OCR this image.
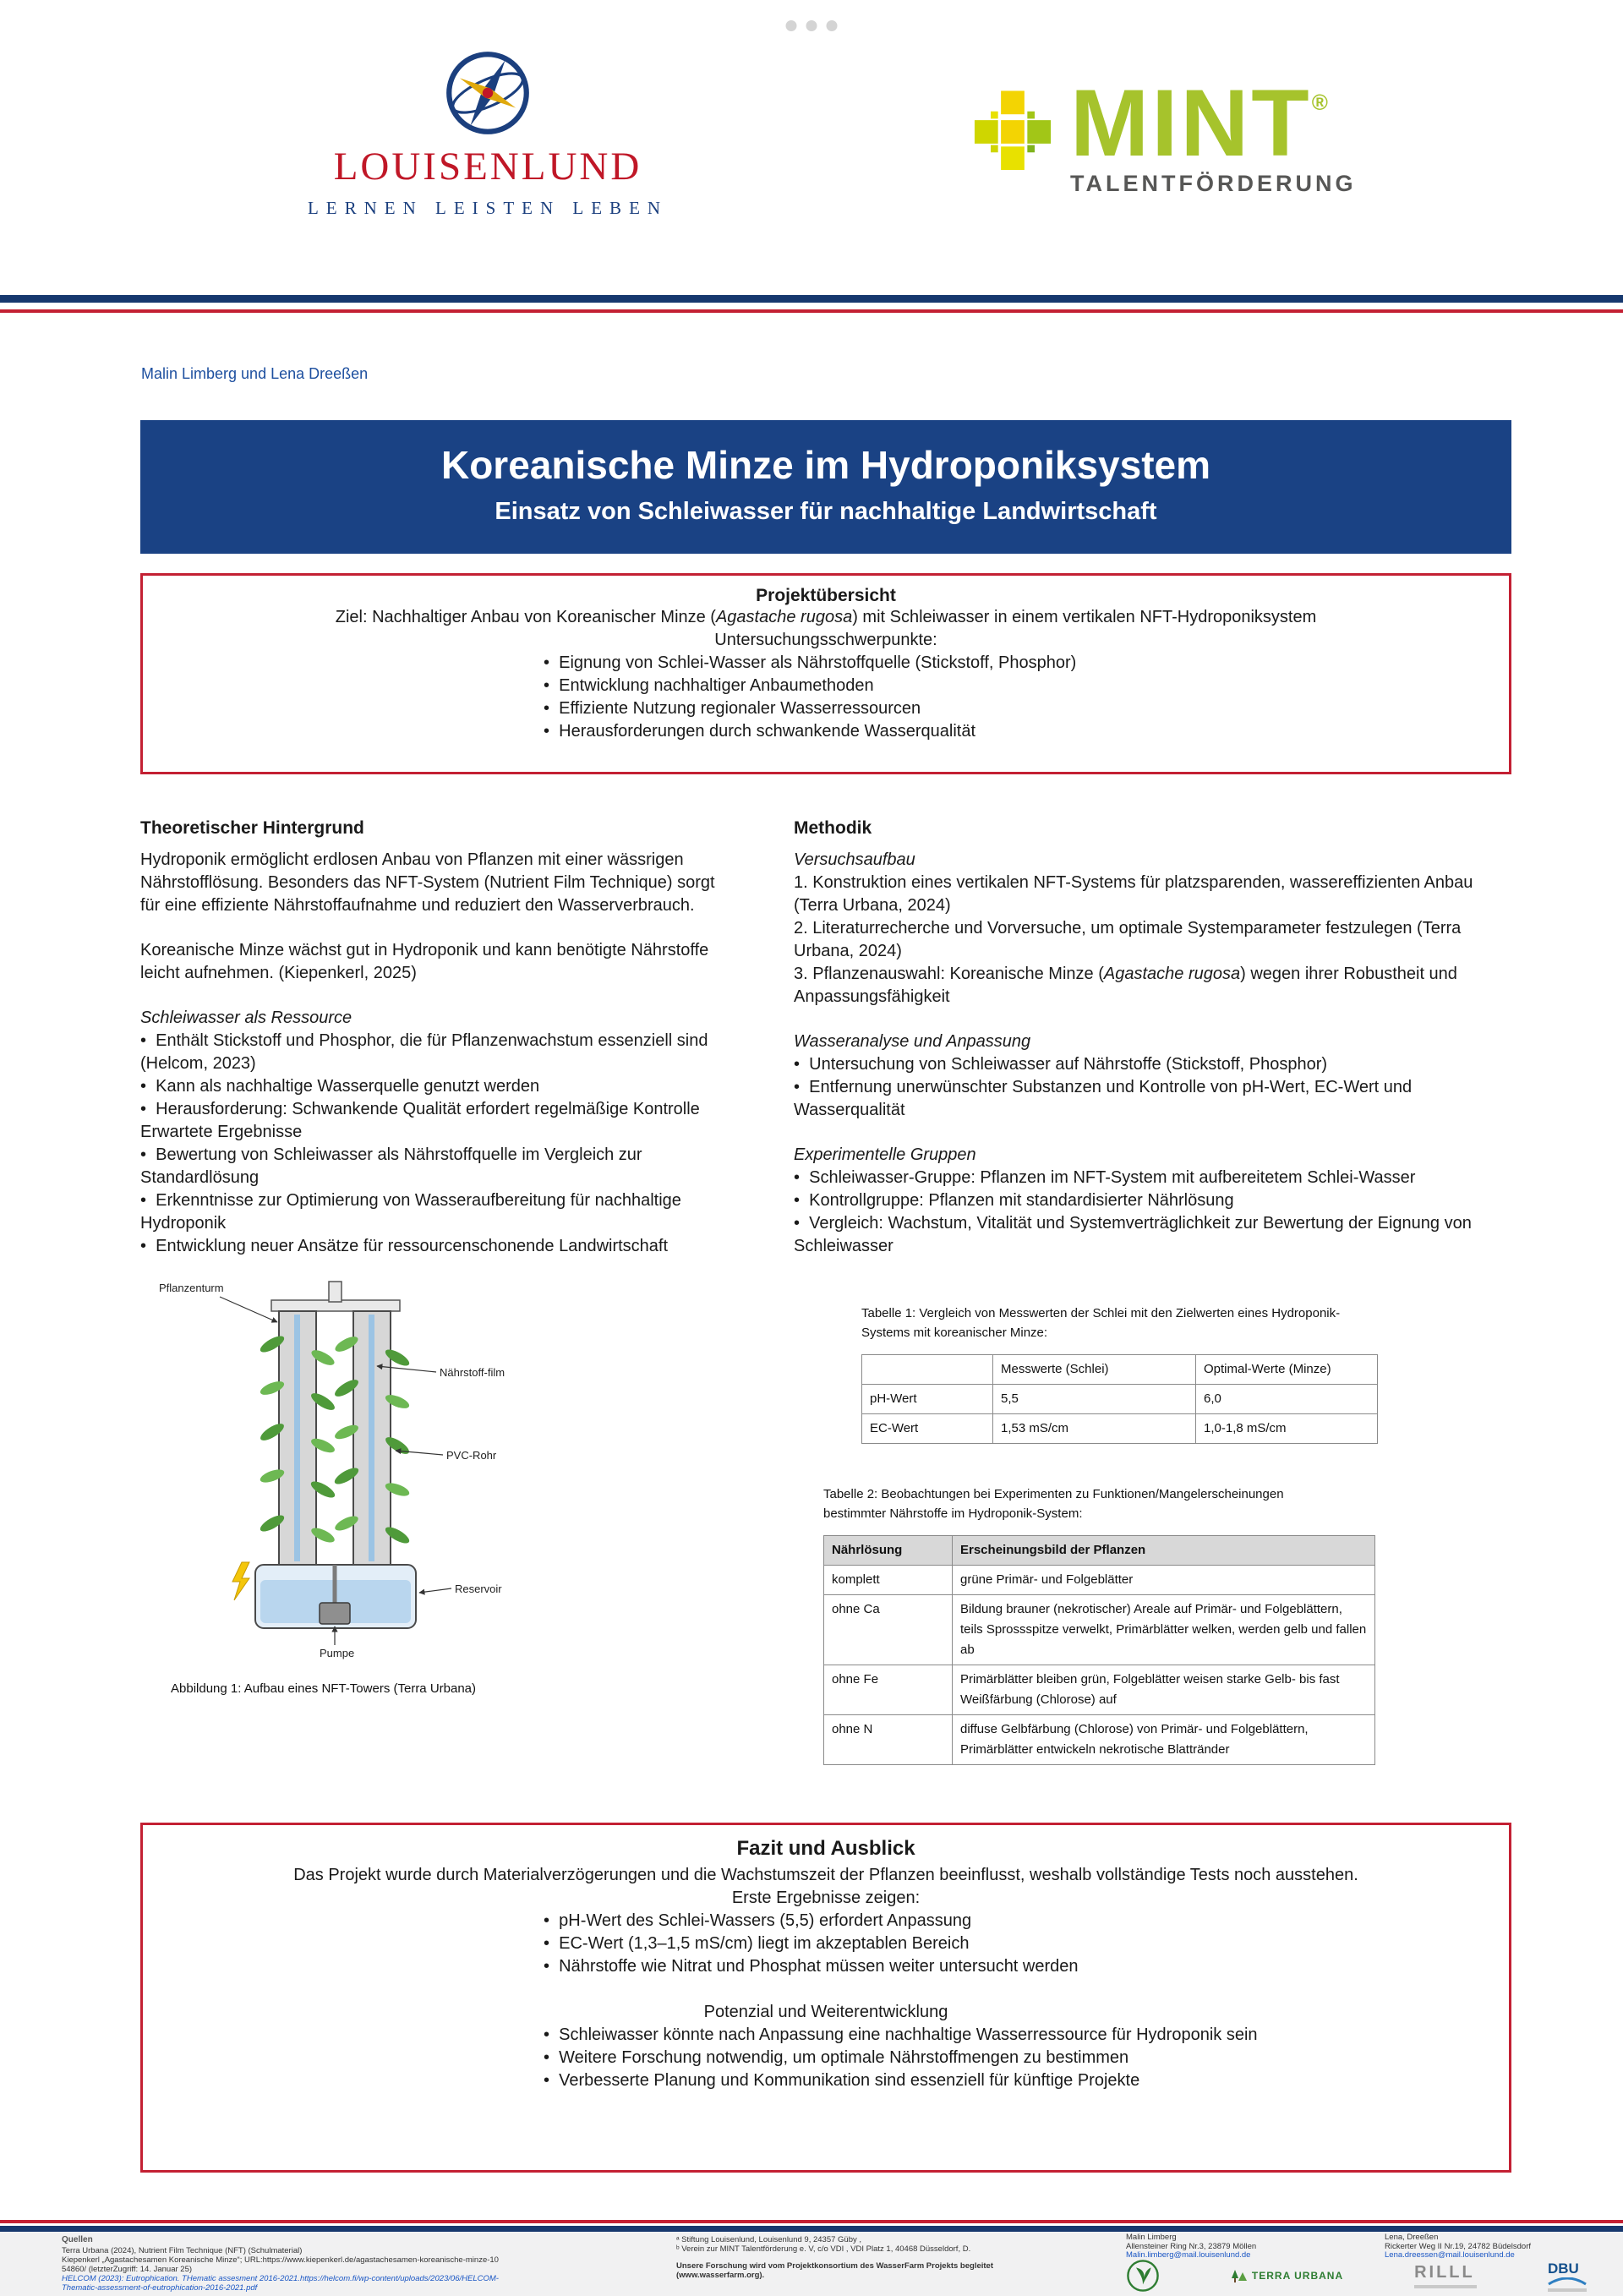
LOUISENLUND
LERNEN LEISTEN LEBEN
MINT®
TALENTFÖRDERUNG
Malin Limberg und Lena Dreeßen
Koreanische Minze im Hydroponiksystem
Einsatz von Schleiwasser für nachhaltige Landwirtschaft
Projektübersicht
Ziel: Nachhaltiger Anbau von Koreanischer Minze (Agastache rugosa) mit Schleiwasser in einem vertikalen NFT-Hydroponiksystem
Untersuchungsschwerpunkte:
•  Eignung von Schlei-Wasser als Nährstoffquelle (Stickstoff, Phosphor)
•  Entwicklung nachhaltiger Anbaumethoden
•  Effiziente Nutzung regionaler Wasserressourcen
•  Herausforderungen durch schwankende Wasserqualität
Theoretischer Hintergrund
Hydroponik ermöglicht erdlosen Anbau von Pflanzen mit einer wässrigen Nährstofflösung. Besonders das NFT-System (Nutrient Film Technique) sorgt für eine effiziente Nährstoffaufnahme und reduziert den Wasserverbrauch.
Koreanische Minze wächst gut in Hydroponik und kann benötigte Nährstoffe leicht aufnehmen. (Kiepenkerl, 2025)
Schleiwasser als Ressource
•  Enthält Stickstoff und Phosphor, die für Pflanzenwachstum essenziell sind (Helcom, 2023)
•  Kann als nachhaltige Wasserquelle genutzt werden
•  Herausforderung: Schwankende Qualität erfordert regelmäßige Kontrolle
Erwartete Ergebnisse
•  Bewertung von Schleiwasser als Nährstoffquelle im Vergleich zur Standardlösung
•  Erkenntnisse zur Optimierung von Wasseraufbereitung für nachhaltige Hydroponik
•  Entwicklung neuer Ansätze für ressourcenschonende Landwirtschaft
Pflanzenturm
Nährstoff-film
PVC-Rohr
Reservoir
Pumpe
Abbildung 1: Aufbau eines NFT-Towers (Terra Urbana)
Methodik
Versuchsaufbau
1. Konstruktion eines vertikalen NFT-Systems für platzsparenden, wassereffizienten Anbau (Terra Urbana, 2024)
2. Literaturrecherche und Vorversuche, um optimale Systemparameter festzulegen (Terra Urbana, 2024)
3. Pflanzenauswahl: Koreanische Minze (Agastache rugosa) wegen ihrer Robustheit und Anpassungsfähigkeit
Wasseranalyse und Anpassung
•  Untersuchung von Schleiwasser auf Nährstoffe (Stickstoff, Phosphor)
•  Entfernung unerwünschter Substanzen und Kontrolle von pH-Wert, EC-Wert und Wasserqualität
Experimentelle Gruppen
•  Schleiwasser-Gruppe: Pflanzen im NFT-System mit aufbereitetem Schlei-Wasser
•  Kontrollgruppe: Pflanzen mit standardisierter Nährlösung
•  Vergleich: Wachstum, Vitalität und Systemverträglichkeit zur Bewertung der Eignung von Schleiwasser
Tabelle 1: Vergleich von Messwerten der Schlei mit den Zielwerten eines Hydroponik-Systems mit koreanischer Minze:
	Messwerte (Schlei)	Optimal-Werte (Minze)
pH-Wert	5,5	6,0
EC-Wert	1,53 mS/cm	1,0-1,8 mS/cm
Tabelle 2: Beobachtungen bei Experimenten zu Funktionen/Mangelerscheinungen bestimmter Nährstoffe im Hydroponik-System:
Nährlösung	Erscheinungsbild der Pflanzen
komplett	grüne Primär- und Folgeblätter
ohne Ca	Bildung brauner (nekrotischer) Areale auf Primär- und Folgeblättern, teils Sprossspitze verwelkt, Primärblätter welken, werden gelb und fallen ab
ohne Fe	Primärblätter bleiben grün, Folgeblätter weisen starke Gelb- bis fast Weißfärbung (Chlorose) auf
ohne N	diffuse Gelbfärbung (Chlorose) von Primär- und Folgeblättern, Primärblätter entwickeln nekrotische Blattränder
Fazit und Ausblick
Das Projekt wurde durch Materialverzögerungen und die Wachstumszeit der Pflanzen beeinflusst, weshalb vollständige Tests noch ausstehen.
Erste Ergebnisse zeigen:
•  pH-Wert des Schlei-Wassers (5,5) erfordert Anpassung
•  EC-Wert (1,3–1,5 mS/cm) liegt im akzeptablen Bereich
•  Nährstoffe wie Nitrat und Phosphat müssen weiter untersucht werden
Potenzial und Weiterentwicklung
•  Schleiwasser könnte nach Anpassung eine nachhaltige Wasserressource für Hydroponik sein
•  Weitere Forschung notwendig, um optimale Nährstoffmengen zu bestimmen
•  Verbesserte Planung und Kommunikation sind essenziell für künftige Projekte
Quellen
Terra Urbana (2024), Nutrient Film Technique (NFT) (Schulmaterial)
Kiepenkerl „Agastachesamen Koreanische Minze“; URL:https://www.kiepenkerl.de/agastachesamen-koreanische-minze-1054860/ (letzterZugriff: 14. Januar 25)
HELCOM (2023): Eutrophication. THematic assesment 2016-2021.https://helcom.fi/wp-content/uploads/2023/06/HELCOM-Thematic-assessment-of-eutrophication-2016-2021.pdf
ᵃ Stiftung Louisenlund, Louisenlund 9, 24357 Güby ,
ᵇ Verein zur MINT Talentförderung e. V, c/o VDI , VDI Platz 1, 40468 Düsseldorf, D.
Unsere Forschung wird vom Projektkonsortium des WasserFarm Projekts begleitet (www.wasserfarm.org).
Malin Limberg
Allensteiner Ring Nr.3, 23879 Möllen
Malin.limberg@mail.louisenlund.de
Lena, Dreeßen
Rickerter Weg II Nr.19, 24782 Büdelsdorf
Lena.dreessen@mail.louisenlund.de
TERRA URBANA	RILLL	DBU
